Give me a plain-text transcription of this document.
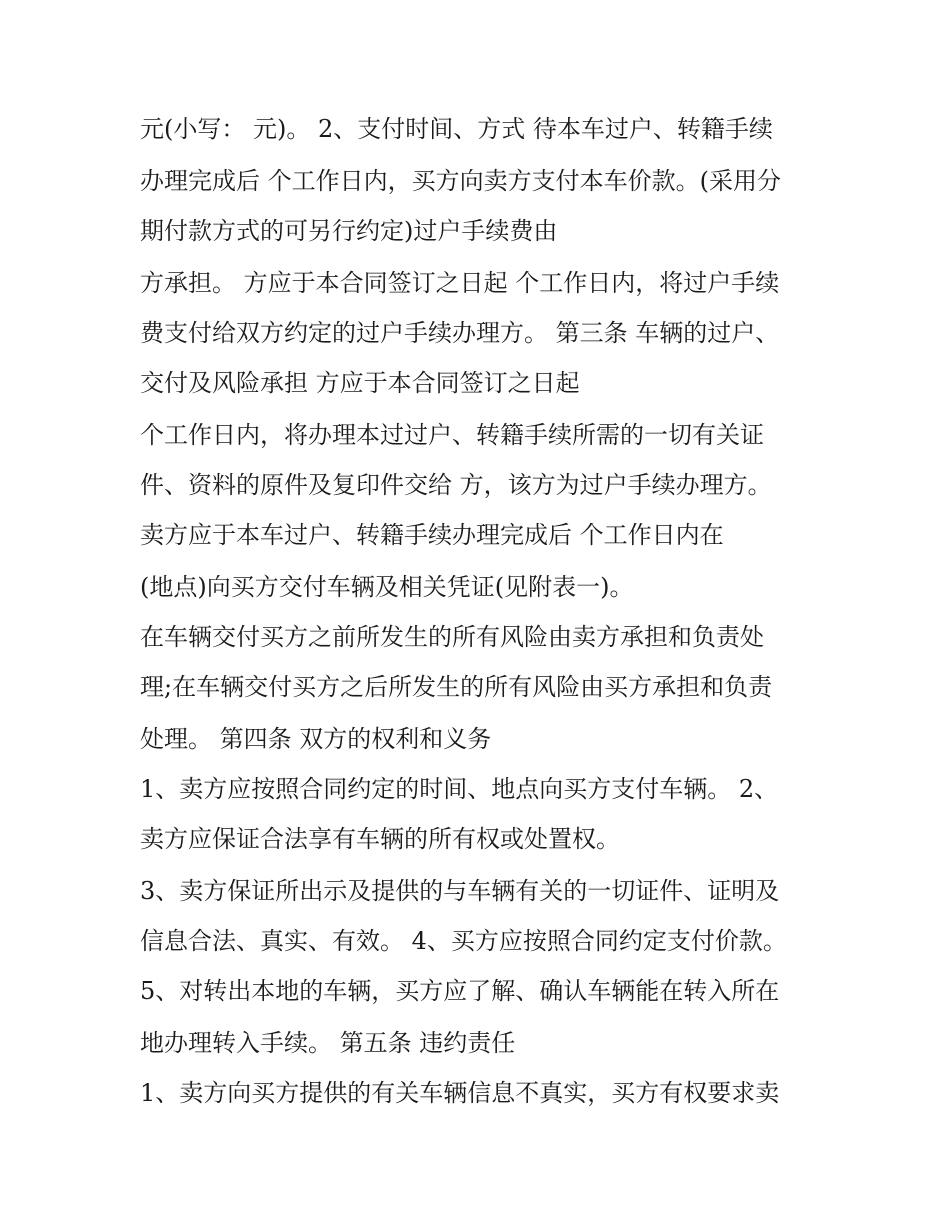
元(小写： 元)。 2、支付时间、方式 待本车过户、转籍手续
办理完成后 个工作日内，买方向卖方支付本车价款。(采用分
期付款方式的可另行约定)过户手续费由
方承担。 方应于本合同签订之日起 个工作日内，将过户手续
费支付给双方约定的过户手续办理方。 第三条 车辆的过户、
交付及风险承担 方应于本合同签订之日起
个工作日内，将办理本过过户、转籍手续所需的一切有关证
件、资料的原件及复印件交给 方，该方为过户手续办理方。
卖方应于本车过户、转籍手续办理完成后 个工作日内在
(地点)向买方交付车辆及相关凭证(见附表一)。
在车辆交付买方之前所发生的所有风险由卖方承担和负责处
理;在车辆交付买方之后所发生的所有风险由买方承担和负责
处理。 第四条 双方的权利和义务
1、卖方应按照合同约定的时间、地点向买方支付车辆。 2、
卖方应保证合法享有车辆的所有权或处置权。
3、卖方保证所出示及提供的与车辆有关的一切证件、证明及
信息合法、真实、有效。 4、买方应按照合同约定支付价款。
5、对转出本地的车辆，买方应了解、确认车辆能在转入所在
地办理转入手续。 第五条 违约责任
1、卖方向买方提供的有关车辆信息不真实，买方有权要求卖
